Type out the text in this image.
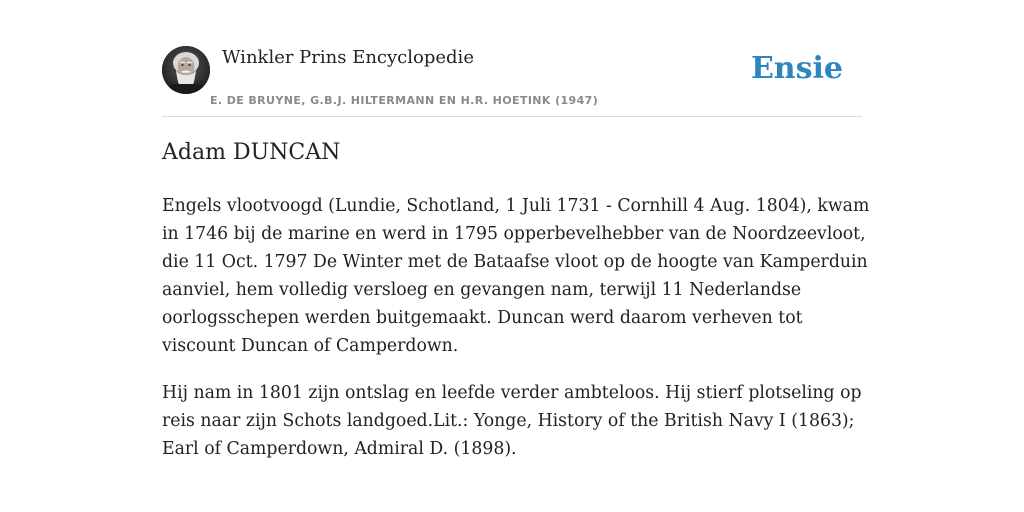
Winkler Prins Encyclopedie
E. DE BRUYNE, G.B.J. HILTERMANN EN H.R. HOETINK (1947)
Ensie
Adam DUNCAN

Engels vlootvoogd (Lundie, Schotland, 1 Juli 1731 - Cornhill 4 Aug. 1804), kwam in 1746 bij de marine en werd in 1795 opperbevelhebber van de Noordzeevloot, die 11 Oct. 1797 De Winter met de Bataafse vloot op de hoogte van Kamperduin aanviel, hem volledig versloeg en gevangen nam, terwijl 11 Nederlandse oorlogsschepen werden buitgemaakt. Duncan werd daarom verheven tot viscount Duncan of Camperdown.

Hij nam in 1801 zijn ontslag en leefde verder ambteloos. Hij stierf plotseling op reis naar zijn Schots landgoed.Lit.: Yonge, History of the British Navy I (1863); Earl of Camperdown, Admiral D. (1898).
